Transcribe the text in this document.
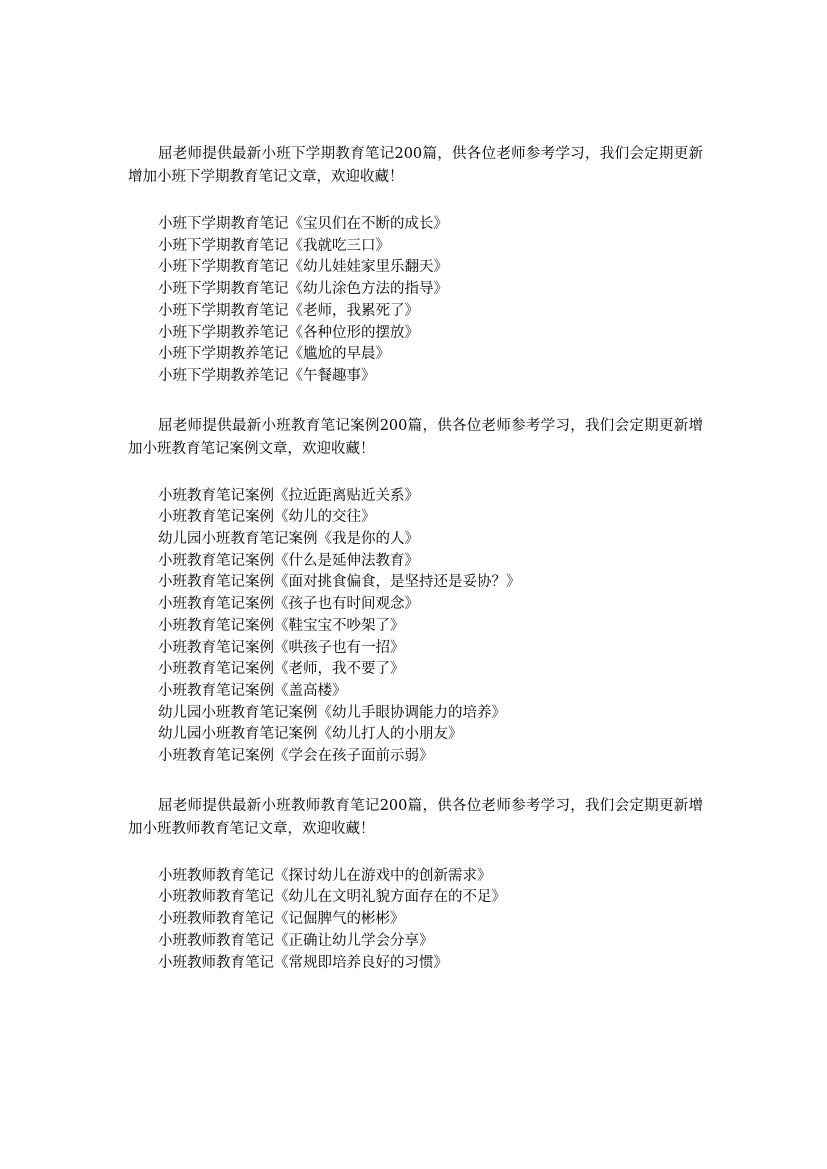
屈老师提供最新小班下学期教育笔记200篇，供各位老师参考学习，我们会定期更新增加小班下学期教育笔记文章，欢迎收藏！

小班下学期教育笔记《宝贝们在不断的成长》
小班下学期教育笔记《我就吃三口》
小班下学期教育笔记《幼儿娃娃家里乐翻天》
小班下学期教育笔记《幼儿涂色方法的指导》
小班下学期教育笔记《老师，我累死了》
小班下学期教养笔记《各种位形的摆放》
小班下学期教养笔记《尴尬的早晨》
小班下学期教养笔记《午餐趣事》

屈老师提供最新小班教育笔记案例200篇，供各位老师参考学习，我们会定期更新增加小班教育笔记案例文章，欢迎收藏！

小班教育笔记案例《拉近距离贴近关系》
小班教育笔记案例《幼儿的交往》
幼儿园小班教育笔记案例《我是你的人》
小班教育笔记案例《什么是延伸法教育》
小班教育笔记案例《面对挑食偏食，是坚持还是妥协？》
小班教育笔记案例《孩子也有时间观念》
小班教育笔记案例《鞋宝宝不吵架了》
小班教育笔记案例《哄孩子也有一招》
小班教育笔记案例《老师，我不要了》
小班教育笔记案例《盖高楼》
幼儿园小班教育笔记案例《幼儿手眼协调能力的培养》
幼儿园小班教育笔记案例《幼儿打人的小朋友》
小班教育笔记案例《学会在孩子面前示弱》

屈老师提供最新小班教师教育笔记200篇，供各位老师参考学习，我们会定期更新增加小班教师教育笔记文章，欢迎收藏！

小班教师教育笔记《探讨幼儿在游戏中的创新需求》
小班教师教育笔记《幼儿在文明礼貌方面存在的不足》
小班教师教育笔记《记倔脾气的彬彬》
小班教师教育笔记《正确让幼儿学会分享》
小班教师教育笔记《常规即培养良好的习惯》
